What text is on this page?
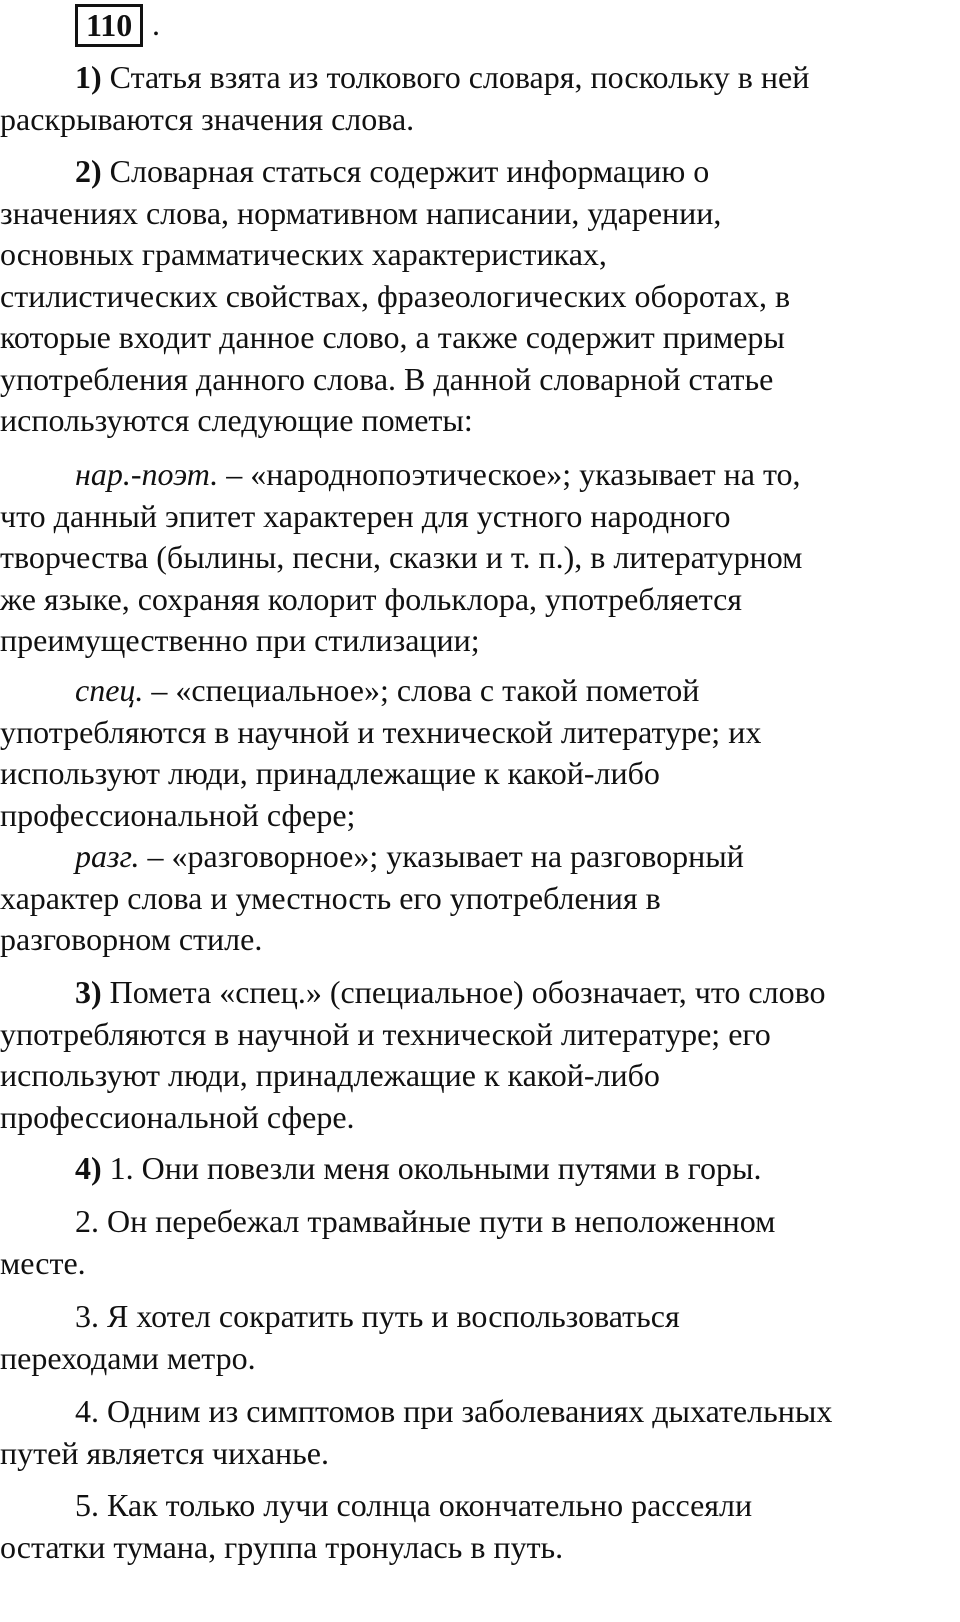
110 .
1) Статья взята из толкового словаря, поскольку в ней
раскрываются значения слова.
2) Словарная статься содержит информацию о
значениях слова, нормативном написании, ударении,
основных грамматических характеристиках,
стилистических свойствах, фразеологических оборотах, в
которые входит данное слово, а также содержит примеры
употребления данного слова. В данной словарной статье
используются следующие пометы:
нар.-поэт. – «народнопоэтическое»; указывает на то,
что данный эпитет характерен для устного народного
творчества (былины, песни, сказки и т. п.), в литературном
же языке, сохраняя колорит фольклора, употребляется
преимущественно при стилизации;
спец. – «специальное»; слова с такой пометой
употребляются в научной и технической литературе; их
используют люди, принадлежащие к какой-либо
профессиональной сфере;
разг. – «разговорное»; указывает на разговорный
характер слова и уместность его употребления в
разговорном стиле.
3) Помета «спец.» (специальное) обозначает, что слово
употребляются в научной и технической литературе; его
используют люди, принадлежащие к какой-либо
профессиональной сфере.
4) 1. Они повезли меня окольными путями в горы.
2. Он перебежал трамвайные пути в неположенном
месте.
3. Я хотел сократить путь и воспользоваться
переходами метро.
4. Одним из симптомов при заболеваниях дыхательных
путей является чиханье.
5. Как только лучи солнца окончательно рассеяли
остатки тумана, группа тронулась в путь.
